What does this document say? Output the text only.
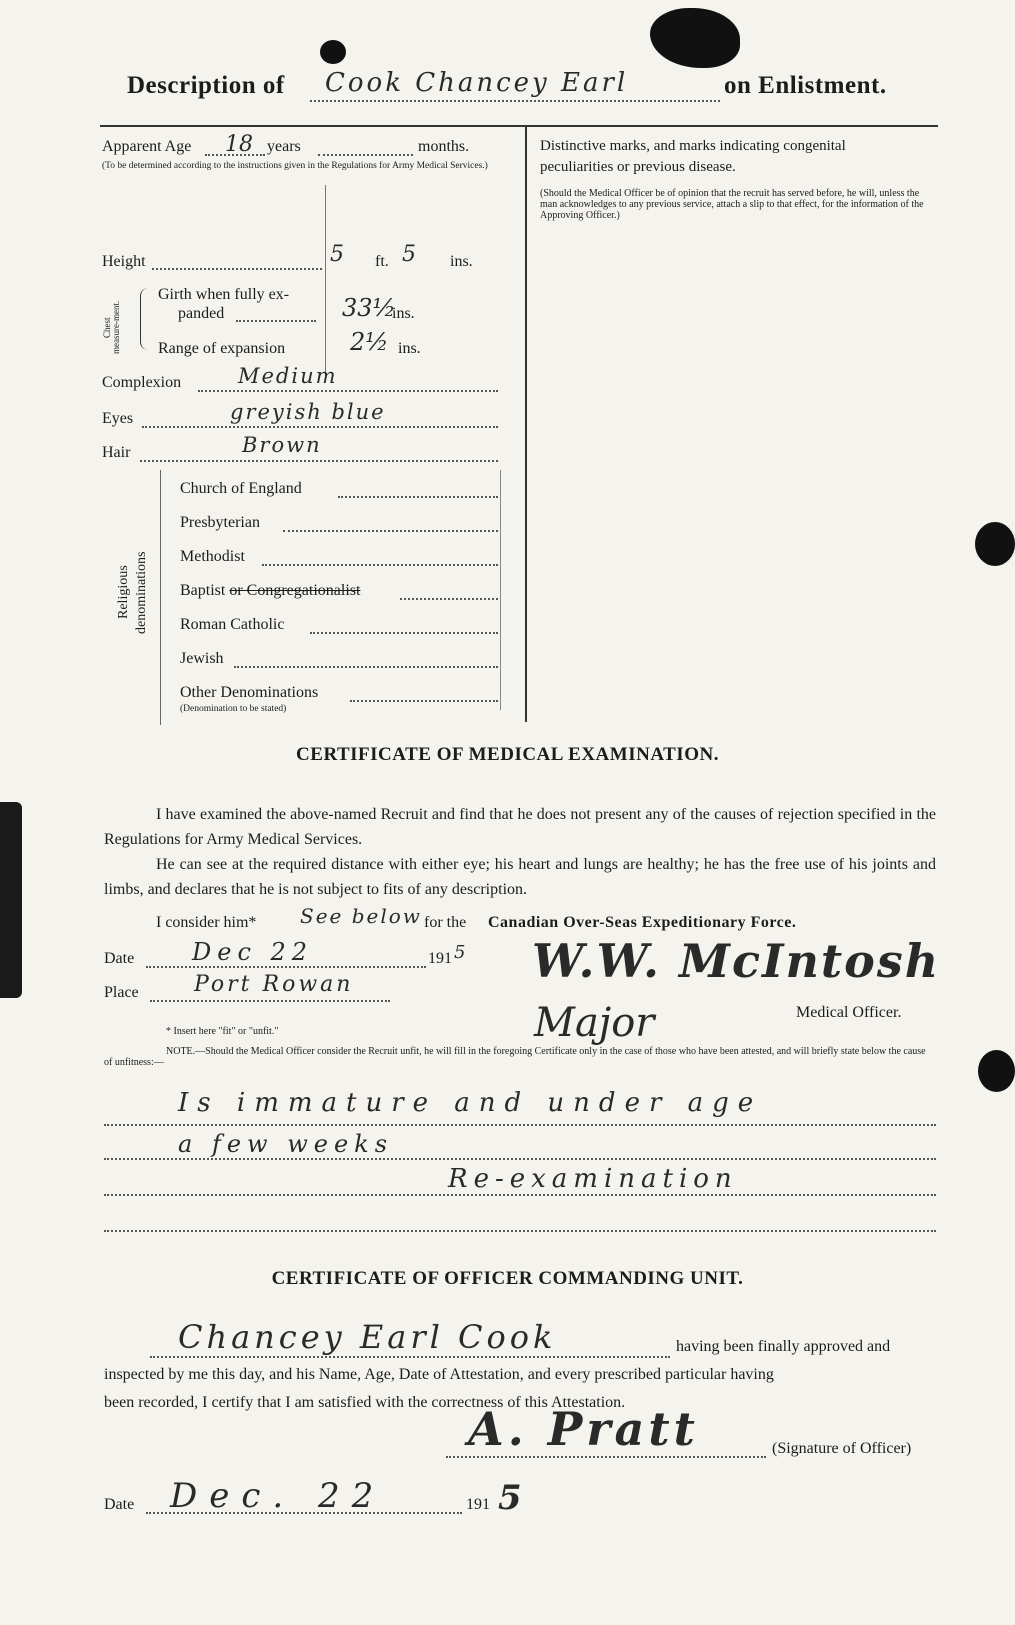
Description of Cook Chancey Earl	on Enlistment.
Apparent Age 18 years	months.
(To be determined according to the instructions given in the Regulations for Army Medical Services.)
Height	5 ft. 5 ins.
Chest measure-ment.
Girth when fully ex-
panded	33½
ins.
Range of expansion	2½ ins.
Complexion	Medium
Eyes	greyish blue
Hair	Brown
Religious denominations
Church of England
Presbyterian
Methodist
Baptist or Congregationalist
Roman Catholic
Jewish
Other Denominations
(Denomination to be stated)
Distinctive marks, and marks indicating congenital
peculiarities or previous disease.
(Should the Medical Officer be of opinion that the recruit has served before, he will, unless the man acknowledges to any previous service, attach a slip to that effect, for the information of the Approving Officer.)
CERTIFICATE OF MEDICAL EXAMINATION.
I have examined the above-named Recruit and find that he does not present any of the causes of rejection specified in the Regulations for Army Medical Services.
He can see at the required distance with either eye; his heart and lungs are healthy; he has the free use of his joints and limbs, and declares that he is not subject to fits of any description.
I consider him* See below for the Canadian Over-Seas Expeditionary Force.
Date Dec 22	191 5
Place	Port Rowan	W.W. McIntosh
Major	Medical Officer.
* Insert here "fit" or "unfit."
NOTE.—Should the Medical Officer consider the Recruit unfit, he will fill in the foregoing Certificate only in the case of those who have been attested, and will briefly state below the cause of unfitness:—
Is immature and under age
a few weeks
Re-examination
CERTIFICATE OF OFFICER COMMANDING UNIT.
Chancey Earl Cook	having been finally approved and
inspected by me this day, and his Name, Age, Date of Attestation, and every prescribed particular having
been recorded, I certify that I am satisfied with the correctness of this Attestation.
A. Pratt	(Signature of Officer)
Date Dec. 22	191 5
